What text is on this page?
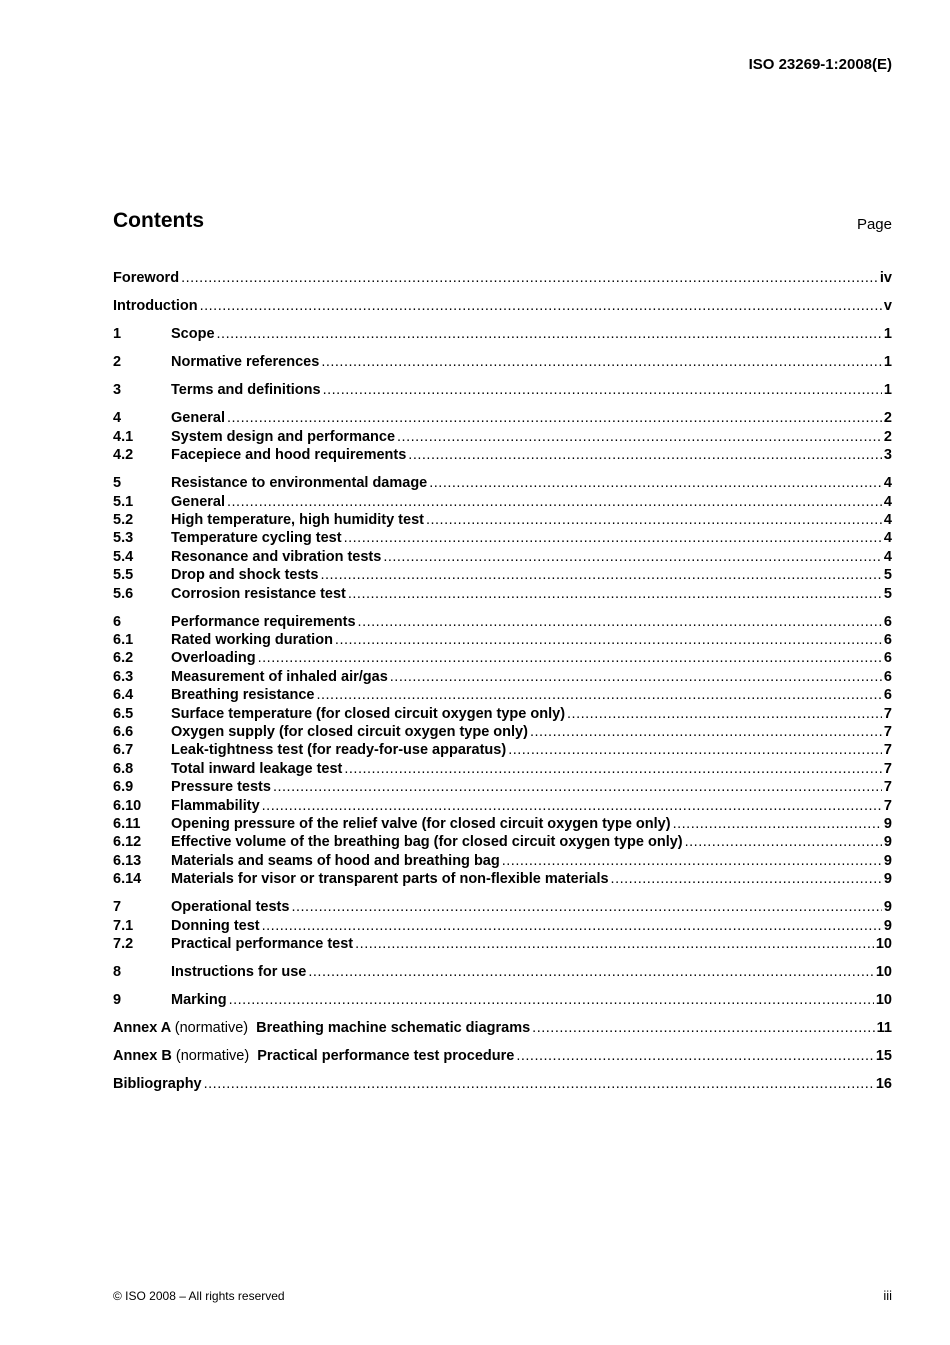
ISO 23269-1:2008(E)
Contents	Page
Foreword .....	iv
Introduction .....	v
1	Scope .....	1
2	Normative references .....	1
3	Terms and definitions .....	1
4	General .....	2
4.1	System design and performance .....	2
4.2	Facepiece and hood requirements .....	3
5	Resistance to environmental damage .....	4
5.1	General .....	4
5.2	High temperature, high humidity test .....	4
5.3	Temperature cycling test .....	4
5.4	Resonance and vibration tests .....	4
5.5	Drop and shock tests .....	5
5.6	Corrosion resistance test .....	5
6	Performance requirements .....	6
6.1	Rated working duration .....	6
6.2	Overloading .....	6
6.3	Measurement of inhaled air/gas .....	6
6.4	Breathing resistance .....	6
6.5	Surface temperature (for closed circuit oxygen type only) .....	7
6.6	Oxygen supply (for closed circuit oxygen type only) .....	7
6.7	Leak-tightness test (for ready-for-use apparatus) .....	7
6.8	Total inward leakage test .....	7
6.9	Pressure tests .....	7
6.10	Flammability .....	7
6.11	Opening pressure of the relief valve (for closed circuit oxygen type only) .....	9
6.12	Effective volume of the breathing bag (for closed circuit oxygen type only) .....	9
6.13	Materials and seams of hood and breathing bag .....	9
6.14	Materials for visor or transparent parts of non-flexible materials .....	9
7	Operational tests .....	9
7.1	Donning test .....	9
7.2	Practical performance test .....	10
8	Instructions for use .....	10
9	Marking .....	10
Annex A (normative) Breathing machine schematic diagrams .....	11
Annex B (normative) Practical performance test procedure .....	15
Bibliography .....	16
© ISO 2008 – All rights reserved	iii
